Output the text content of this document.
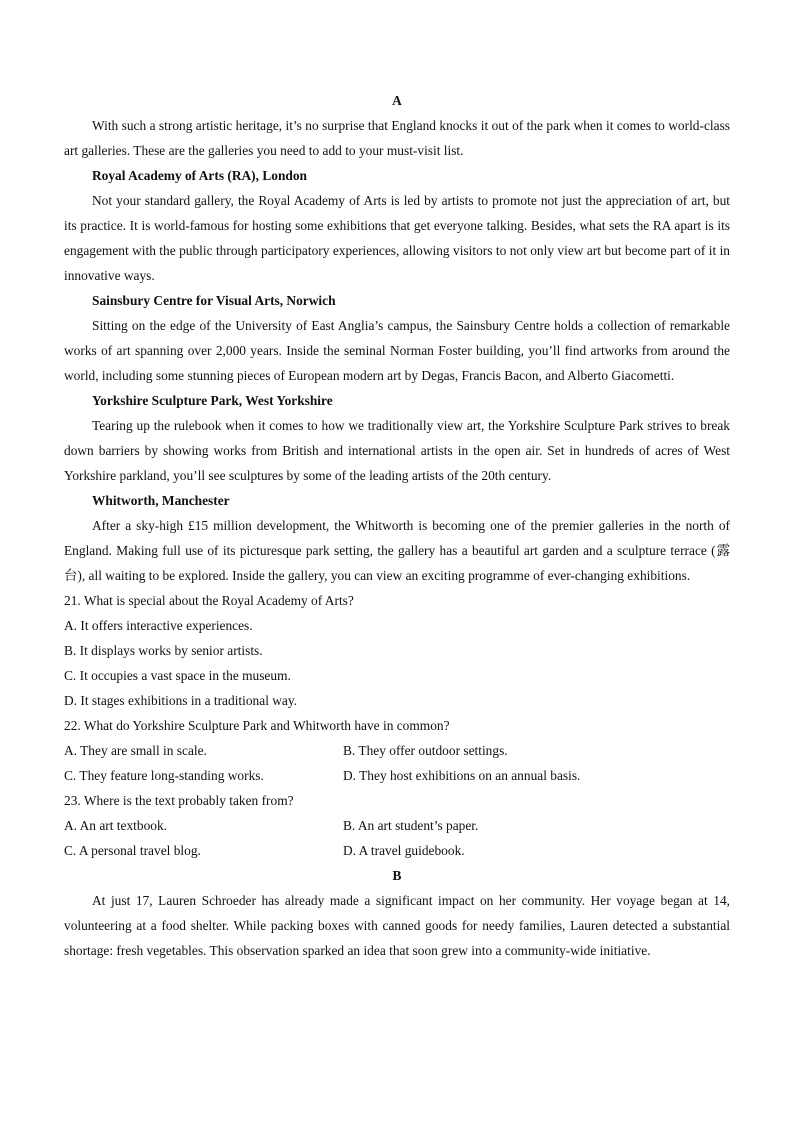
A

With such a strong artistic heritage, it’s no surprise that England knocks it out of the park when it comes to world-class art galleries. These are the galleries you need to add to your must-visit list.

Royal Academy of Arts (RA), London

Not your standard gallery, the Royal Academy of Arts is led by artists to promote not just the appreciation of art, but its practice. It is world-famous for hosting some exhibitions that get everyone talking. Besides, what sets the RA apart is its engagement with the public through participatory experiences, allowing visitors to not only view art but become part of it in innovative ways.

Sainsbury Centre for Visual Arts, Norwich

Sitting on the edge of the University of East Anglia’s campus, the Sainsbury Centre holds a collection of remarkable works of art spanning over 2,000 years. Inside the seminal Norman Foster building, you’ll find artworks from around the world, including some stunning pieces of European modern art by Degas, Francis Bacon, and Alberto Giacometti.

Yorkshire Sculpture Park, West Yorkshire

Tearing up the rulebook when it comes to how we traditionally view art, the Yorkshire Sculpture Park strives to break down barriers by showing works from British and international artists in the open air. Set in hundreds of acres of West Yorkshire parkland, you’ll see sculptures by some of the leading artists of the 20th century.

Whitworth, Manchester

After a sky-high £15 million development, the Whitworth is becoming one of the premier galleries in the north of England. Making full use of its picturesque park setting, the gallery has a beautiful art garden and a sculpture terrace (露台), all waiting to be explored. Inside the gallery, you can view an exciting programme of ever-changing exhibitions.

21. What is special about the Royal Academy of Arts?

A. It offers interactive experiences.

B. It displays works by senior artists.

C. It occupies a vast space in the museum.

D. It stages exhibitions in a traditional way.

22. What do Yorkshire Sculpture Park and Whitworth have in common?

A. They are small in scale.	B. They offer outdoor settings.
C. They feature long-standing works.	D. They host exhibitions on an annual basis.

23. Where is the text probably taken from?

A. An art textbook.	B. An art student’s paper.
C. A personal travel blog.	D. A travel guidebook.

B

At just 17, Lauren Schroeder has already made a significant impact on her community. Her voyage began at 14, volunteering at a food shelter. While packing boxes with canned goods for needy families, Lauren detected a substantial shortage: fresh vegetables. This observation sparked an idea that soon grew into a community-wide initiative.
